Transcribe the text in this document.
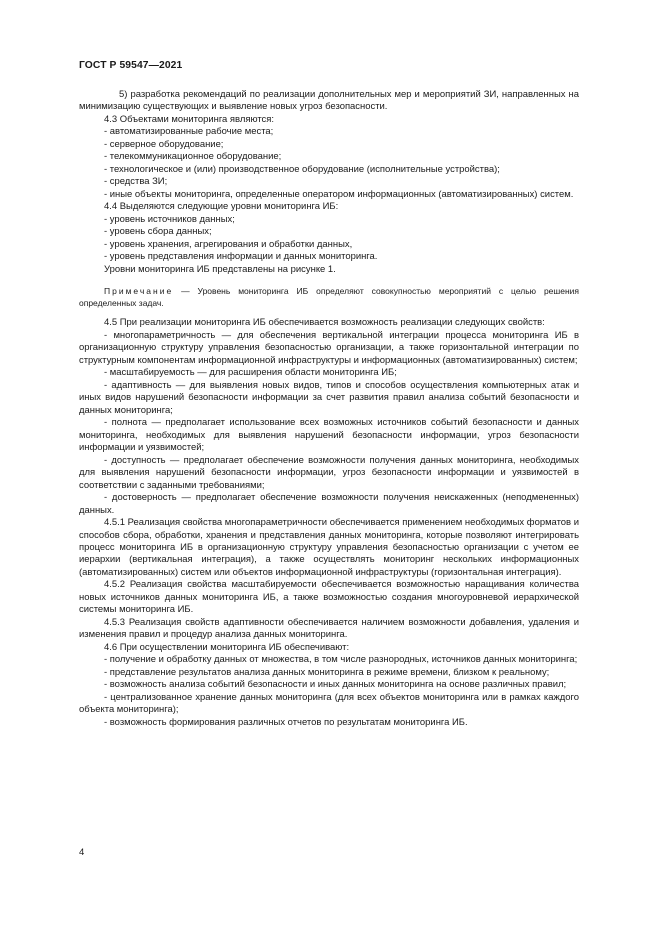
ГОСТ Р 59547—2021

5) разработка рекомендаций по реализации дополнительных мер и мероприятий ЗИ, направленных на минимизацию существующих и выявление новых угроз безопасности.

4.3 Объектами мониторинга являются:

- автоматизированные рабочие места;

- серверное оборудование;

- телекоммуникационное оборудование;

- технологическое и (или) производственное оборудование (исполнительные устройства);

- средства ЗИ;

- иные объекты мониторинга, определенные оператором информационных (автоматизированных) систем.

4.4 Выделяются следующие уровни мониторинга ИБ:

- уровень источников данных;

- уровень сбора данных;

- уровень хранения, агрегирования и обработки данных,

- уровень представления информации и данных мониторинга.

Уровни мониторинга ИБ представлены на рисунке 1.

Примечание — Уровень мониторинга ИБ определяют совокупностью мероприятий с целью решения определенных задач.

4.5 При реализации мониторинга ИБ обеспечивается возможность реализации следующих свойств:

- многопараметричность — для обеспечения вертикальной интеграции процесса мониторинга ИБ в организационную структуру управления безопасностью организации, а также горизонтальной интеграции по структурным компонентам информационной инфраструктуры и информационных (автоматизированных) систем;

- масштабируемость — для расширения области мониторинга ИБ;

- адаптивность — для выявления новых видов, типов и способов осуществления компьютерных атак и иных видов нарушений безопасности информации за счет развития правил анализа событий безопасности и данных мониторинга;

- полнота — предполагает использование всех возможных источников событий безопасности и данных мониторинга, необходимых для выявления нарушений безопасности информации, угроз безопасности информации и уязвимостей;

- доступность — предполагает обеспечение возможности получения данных мониторинга, необходимых для выявления нарушений безопасности информации, угроз безопасности информации и уязвимостей в соответствии с заданными требованиями;

- достоверность — предполагает обеспечение возможности получения неискаженных (неподмененных) данных.

4.5.1 Реализация свойства многопараметричности обеспечивается применением необходимых форматов и способов сбора, обработки, хранения и представления данных мониторинга, которые позволяют интегрировать процесс мониторинга ИБ в организационную структуру управления безопасностью организации с учетом ее иерархии (вертикальная интеграция), а также осуществлять мониторинг нескольких информационных (автоматизированных) систем или объектов информационной инфраструктуры (горизонтальная интеграция).

4.5.2 Реализация свойства масштабируемости обеспечивается возможностью наращивания количества новых источников данных мониторинга ИБ, а также возможностью создания многоуровневой иерархической системы мониторинга ИБ.

4.5.3 Реализация свойств адаптивности обеспечивается наличием возможности добавления, удаления и изменения правил и процедур анализа данных мониторинга.

4.6 При осуществлении мониторинга ИБ обеспечивают:

- получение и обработку данных от множества, в том числе разнородных, источников данных мониторинга;

- представление результатов анализа данных мониторинга в режиме времени, близком к реальному;

- возможность анализа событий безопасности и иных данных мониторинга на основе различных правил;

- централизованное хранение данных мониторинга (для всех объектов мониторинга или в рамках каждого объекта мониторинга);

- возможность формирования различных отчетов по результатам мониторинга ИБ.

4
